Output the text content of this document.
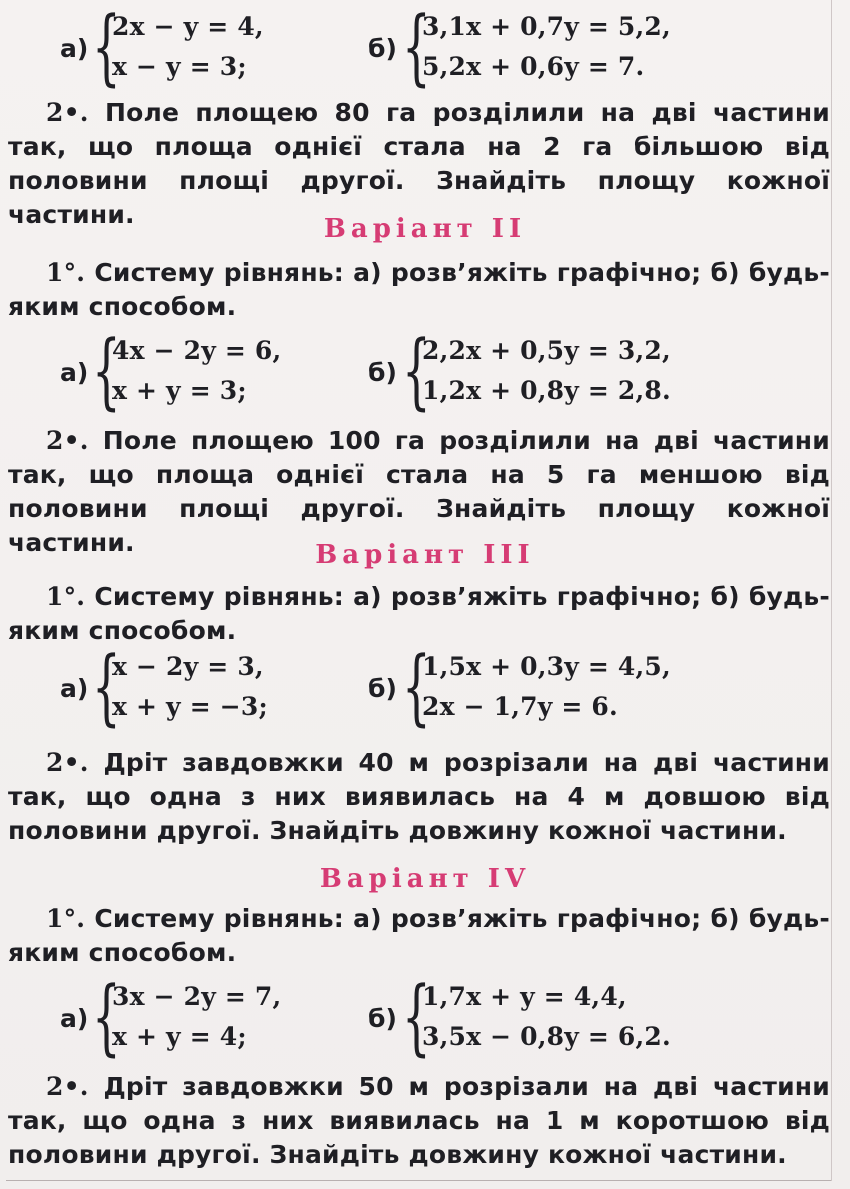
а) {
2x − y = 4,
x − y = 3;
б) {
3,1x + 0,7y = 5,2,
5,2x + 0,6y = 7.
2•. Поле площею 80 га розділили на дві частини так, що площа однієї стала на 2 га більшою від половини площі другої. Знайдіть площу кожної частини.	Варіант II
1°. Систему рівнянь: а) розв’яжіть графічно; б) будь-яким способом.
а) {
4x − 2y = 6,
x + y = 3;
б) {
2,2x + 0,5y = 3,2,
1,2x + 0,8y = 2,8.
2•. Поле площею 100 га розділили на дві частини так, що площа однієї стала на 5 га меншою від половини площі другої. Знайдіть площу кожної частини.	Варіант III
1°. Систему рівнянь: а) розв’яжіть графічно; б) будь-яким способом.
а) {
x − 2y = 3,
x + y = −3;
б) {
1,5x + 0,3y = 4,5,
2x − 1,7y = 6.
2•. Дріт завдовжки 40 м розрізали на дві частини так, що одна з них виявилась на 4 м довшою від половини другої. Знайдіть довжину кожної частини.
Варіант IV
1°. Систему рівнянь: а) розв’яжіть графічно; б) будь-яким способом.
а) {
3x − 2y = 7,
x + y = 4;
б) {
1,7x + y = 4,4,
3,5x − 0,8y = 6,2.
2•. Дріт завдовжки 50 м розрізали на дві частини так, що одна з них виявилась на 1 м коротшою від половини другої. Знайдіть довжину кожної частини.
